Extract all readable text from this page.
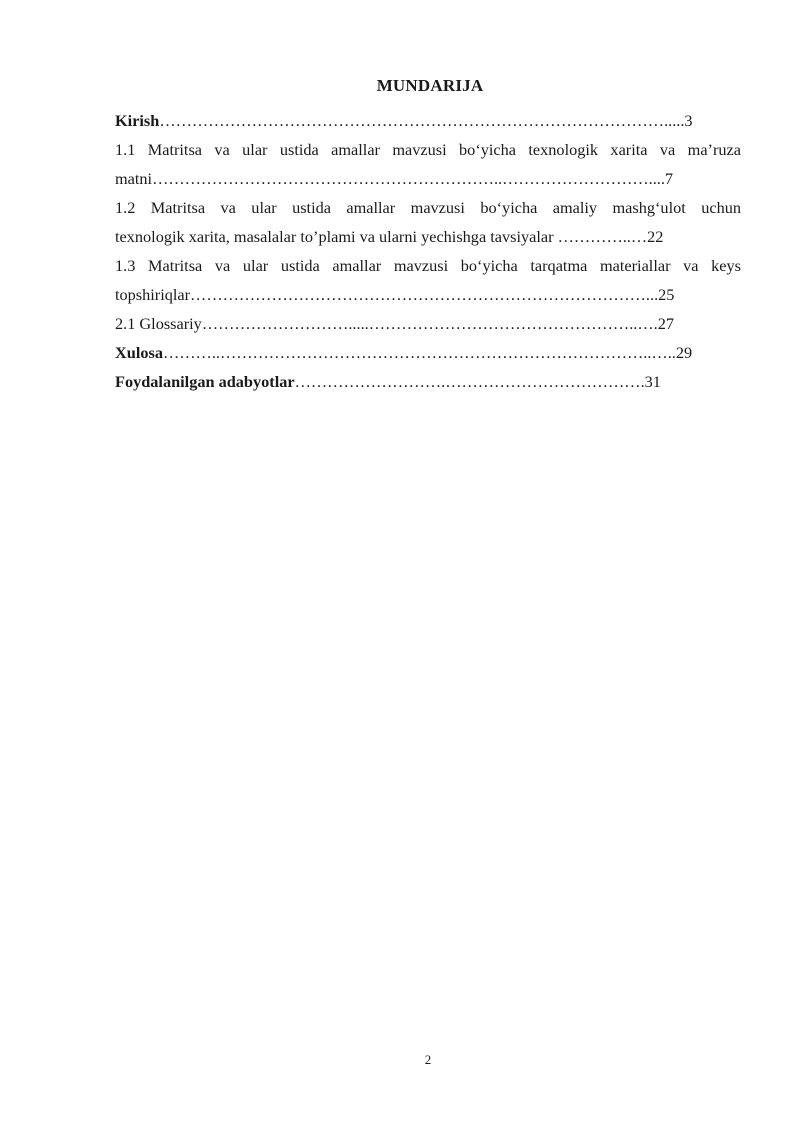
MUNDARIJA
Kirish………………………………………………………………………………….....3
1.1 Matritsa va ular ustida amallar mavzusi bo‘yicha texnologik xarita va ma’ruza
matni………………………………………………………..………………………....7
1.2 Matritsa va ular ustida amallar mavzusi bo‘yicha amaliy mashg‘ulot uchun
texnologik xarita, masalalar to’plami va ularni yechishga tavsiyalar …………..…22
1.3 Matritsa va ular ustida amallar mavzusi bo‘yicha tarqatma materiallar va keys
topshiriqlar…………………………………………………………………………...25
2.1 Glossariy……………………….....…………………………………………..….27
Xulosa………..……………………………………………………………………..…..29
Foydalanilgan adabyotlar……………………….……………………………….31
2
